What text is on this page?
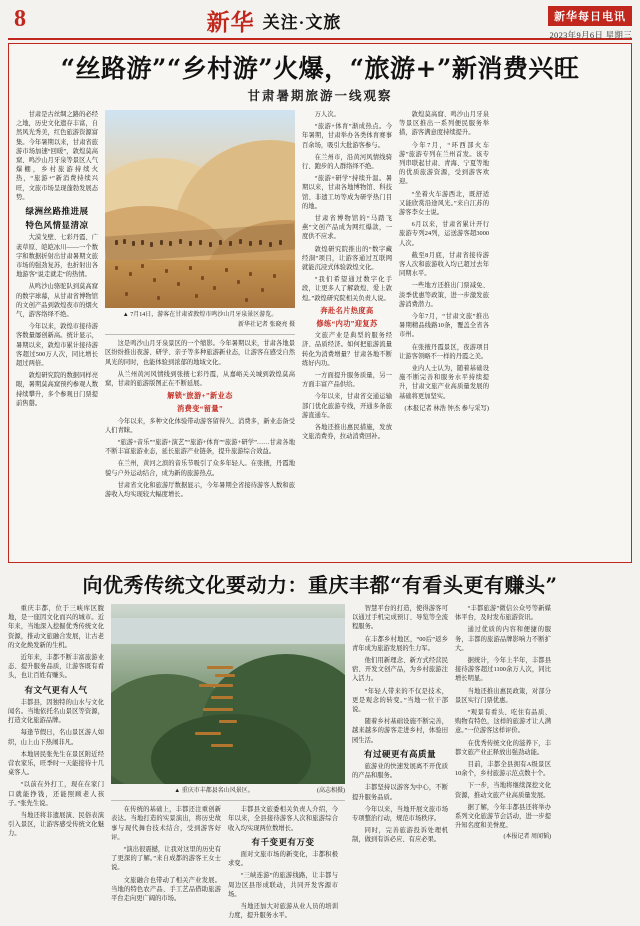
8	新华 关注·文旅	新华每日电讯
2023年9月6日 星期三
“丝路游”“乡村游”火爆，“旅游+”新消费兴旺
甘肃暑期旅游一线观察

甘肃是古丝绸之路的必经之地，历史文化遗存丰富，自然风光秀美，红色旅游资源富集。今年暑期以来，甘肃省旅游市场加速“回暖”，敦煌莫高窟、鸣沙山月牙泉等景区人气爆棚，乡村旅游持续火热，“旅游+”新消费持续兴旺，文旅市场呈现蓬勃发展态势。

绿洲丝路推进展
特色风情显清凉

大漠戈壁、七彩丹霞、广袤草原、皑皑冰川——一个数字和数据折射出甘肃暑期文旅市场的强劲复苏，也折射出各地游客“说走就走”的热情。

从鸣沙山骆驼队到莫高窟的数字球幕，从甘肃省博物馆的文创产品到敦煌夜市的烟火气，游客络绎不绝。

今年以来，敦煌市接待游客数量屡创新高。统计显示，暑期以来，敦煌市累计接待游客超过500万人次，同比增长超过两倍。

敦煌研究院的数据同样亮眼，暑期莫高窟预约参观人数持续攀升，多个参观日门票提前售罄。

▲ 7月14日，游客在甘肃省敦煌市鸣沙山月牙泉景区游览。
新华社记者 张晓亮 摄

这是鸣沙山月牙泉景区的一个缩影。今年暑期以来，甘肃各地景区纷纷推出夜游、研学、亲子等多种旅游新业态，让游客在感受自然风光的同时，也能体验到浓郁的地域文化。

从兰州黄河风情线到张掖七彩丹霞，从嘉峪关关城到敦煌莫高窟，甘肃的旅游版图正在不断延展。

解锁“旅游+”新业态
消费变“留量”

今年以来，多种文化体验带动游客留得久、消费多，新业态备受人们青睐。

“旅游+音乐”“旅游+演艺”“旅游+体育”“旅游+研学”……甘肃各地不断丰富旅游业态，延长旅游产业链条，提升旅游综合效益。

在兰州，黄河之滨的音乐节吸引了众多年轻人。在张掖，丹霞地貌与户外运动结合，成为新的旅游热点。

甘肃省文化和旅游厅数据显示，今年暑期全省接待游客人数和旅游收入均实现较大幅度增长。

万人次。

“旅游+体育”渐成热点。今年暑期，甘肃举办各类体育赛事百余场，吸引大批游客参与。

在兰州市，沿黄河风情线骑行、跑步的人群络绎不绝。

“旅游+研学”持续升温。暑期以来，甘肃各地博物馆、科技馆、非遗工坊等成为研学热门目的地。

甘肃省博物馆的“马踏飞燕”文创产品成为网红爆款，一度供不应求。

敦煌研究院推出的“数字藏经洞”项目，让游客通过互联网就能沉浸式体验敦煌文化。

“我们希望通过数字化手段，让更多人了解敦煌、爱上敦煌。”敦煌研究院相关负责人说。

奔赴名片热度高
修练“内功”迎复苏

文旅产业是典型的服务经济、品质经济。如何把旅游流量转化为消费增量？甘肃各地不断练好内功。

一方面提升服务质量，另一方面丰富产品供给。

今年以来，甘肃省交通运输部门优化旅游专线，开通多条旅游直通车。

各地还推出惠民措施，发放文旅消费券，拉动消费回补。

敦煌莫高窟、鸣沙山月牙泉等景区推出一系列便民服务举措，游客满意度持续提升。

今年7月，“环西部火车游”旅游专列在兰州首发。该专列串联起甘肃、青海、宁夏等地的优质旅游资源，受到游客欢迎。

“坐着火车游西北，既舒适又能欣赏沿途风光。”来自江苏的游客李女士说。

6月以来，甘肃省累计开行旅游专列24列，运送游客超3000人次。

截至8月底，甘肃省接待游客人次和旅游收入均已超过去年同期水平。

一些地方还推出门票减免、淡季优惠等政策，进一步激发旅游消费潜力。

今年7月，“甘肃文旅”推出暑期精品线路10条，覆盖全省各市州。

在张掖丹霞景区，夜游项目让游客领略不一样的丹霞之美。

业内人士认为，随着基础设施不断完善和服务水平持续提升，甘肃文旅产业高质量发展的基础将更加坚实。

(本报记者 林浩 钟杰 参与采写)

向优秀传统文化要动力：重庆丰都“有看头更有赚头”

重庆丰都，位于三峡库区腹地，是一座因文化而兴的城市。近年来，当地深入挖掘优秀传统文化资源，推动文旅融合发展，让古老的文化焕发新的生机。

近年来，丰都不断丰富旅游业态、提升服务品质，让游客既有看头，也让百姓有赚头。

有文气更有人气

丰都县，因独特的山水与文化闻名。当地依托名山景区等资源，打造文化旅游品牌。

每逢节假日，名山景区游人如织，山上山下热闹非凡。

本地居民张先生在景区附近经营农家乐，旺季时一天能接待十几桌客人。

“以前在外打工，现在在家门口就能挣钱，还能照顾老人孩子。”张先生说。

当地还将非遗展演、民俗表演引入景区，让游客感受传统文化魅力。

▲ 重庆市丰都县名山风景区。	(高志相摄)

在传统的基础上，丰都还注重创新表达。当地打造的实景演出，将历史故事与现代舞台技术结合，受到游客好评。

“演出很震撼，让我对这里的历史有了更深的了解。”来自成都的游客王女士说。

文旅融合也带动了相关产业发展。当地的特色农产品、手工艺品借助旅游平台走向更广阔的市场。

丰都县文旅委相关负责人介绍，今年以来，全县接待游客人次和旅游综合收入均实现两位数增长。

有千变更有万变

面对文旅市场的新变化，丰都积极求变。

“三峡连游”的旅游线路，让丰都与周边区县形成联动，共同开发客源市场。

当地还加大对旅游从业人员的培训力度，提升服务水平。

智慧平台的打造，使得游客可以通过手机完成预订、导览等全流程服务。

在丰都乡村地区，“00后”返乡青年成为旅游发展的生力军。

他们用新理念、新方式经营民宿、开发文创产品，为乡村旅游注入活力。

“年轻人带来的不仅是技术，更是观念的转变。”当地一位干部说。

随着乡村基础设施不断完善，越来越多的游客走进乡村，体验田园生活。

有过硬更有高质量

旅游业的快速发展离不开优质的产品和服务。

丰都坚持以游客为中心，不断提升服务品质。

今年以来，当地开展文旅市场专项整治行动，规范市场秩序。

同时，完善旅游投诉处理机制，做到有诉必应、有应必果。

“丰都旅游”微信公众号等新媒体平台，及时发布旅游资讯。

通过优质的内容和便捷的服务，丰都的旅游品牌影响力不断扩大。

据统计，今年上半年，丰都县接待游客超过1100余万人次，同比增长明显。

当地还推出惠民政策，对部分景区实行门票优惠。

“观景有看头、吃住有品质、购物有特色，这样的旅游才让人满意。”一位游客这样评价。

在优秀传统文化的滋养下，丰都文旅产业正释放出强劲动能。

目前，丰都全县拥有A级景区10余个，乡村旅游示范点数十个。

下一步，当地将继续深挖文化资源，推动文旅产业高质量发展。

据了解，今年丰都县还将举办系列文化旅游节会活动，进一步提升知名度和美誉度。

(本报记者 周闻韬)
